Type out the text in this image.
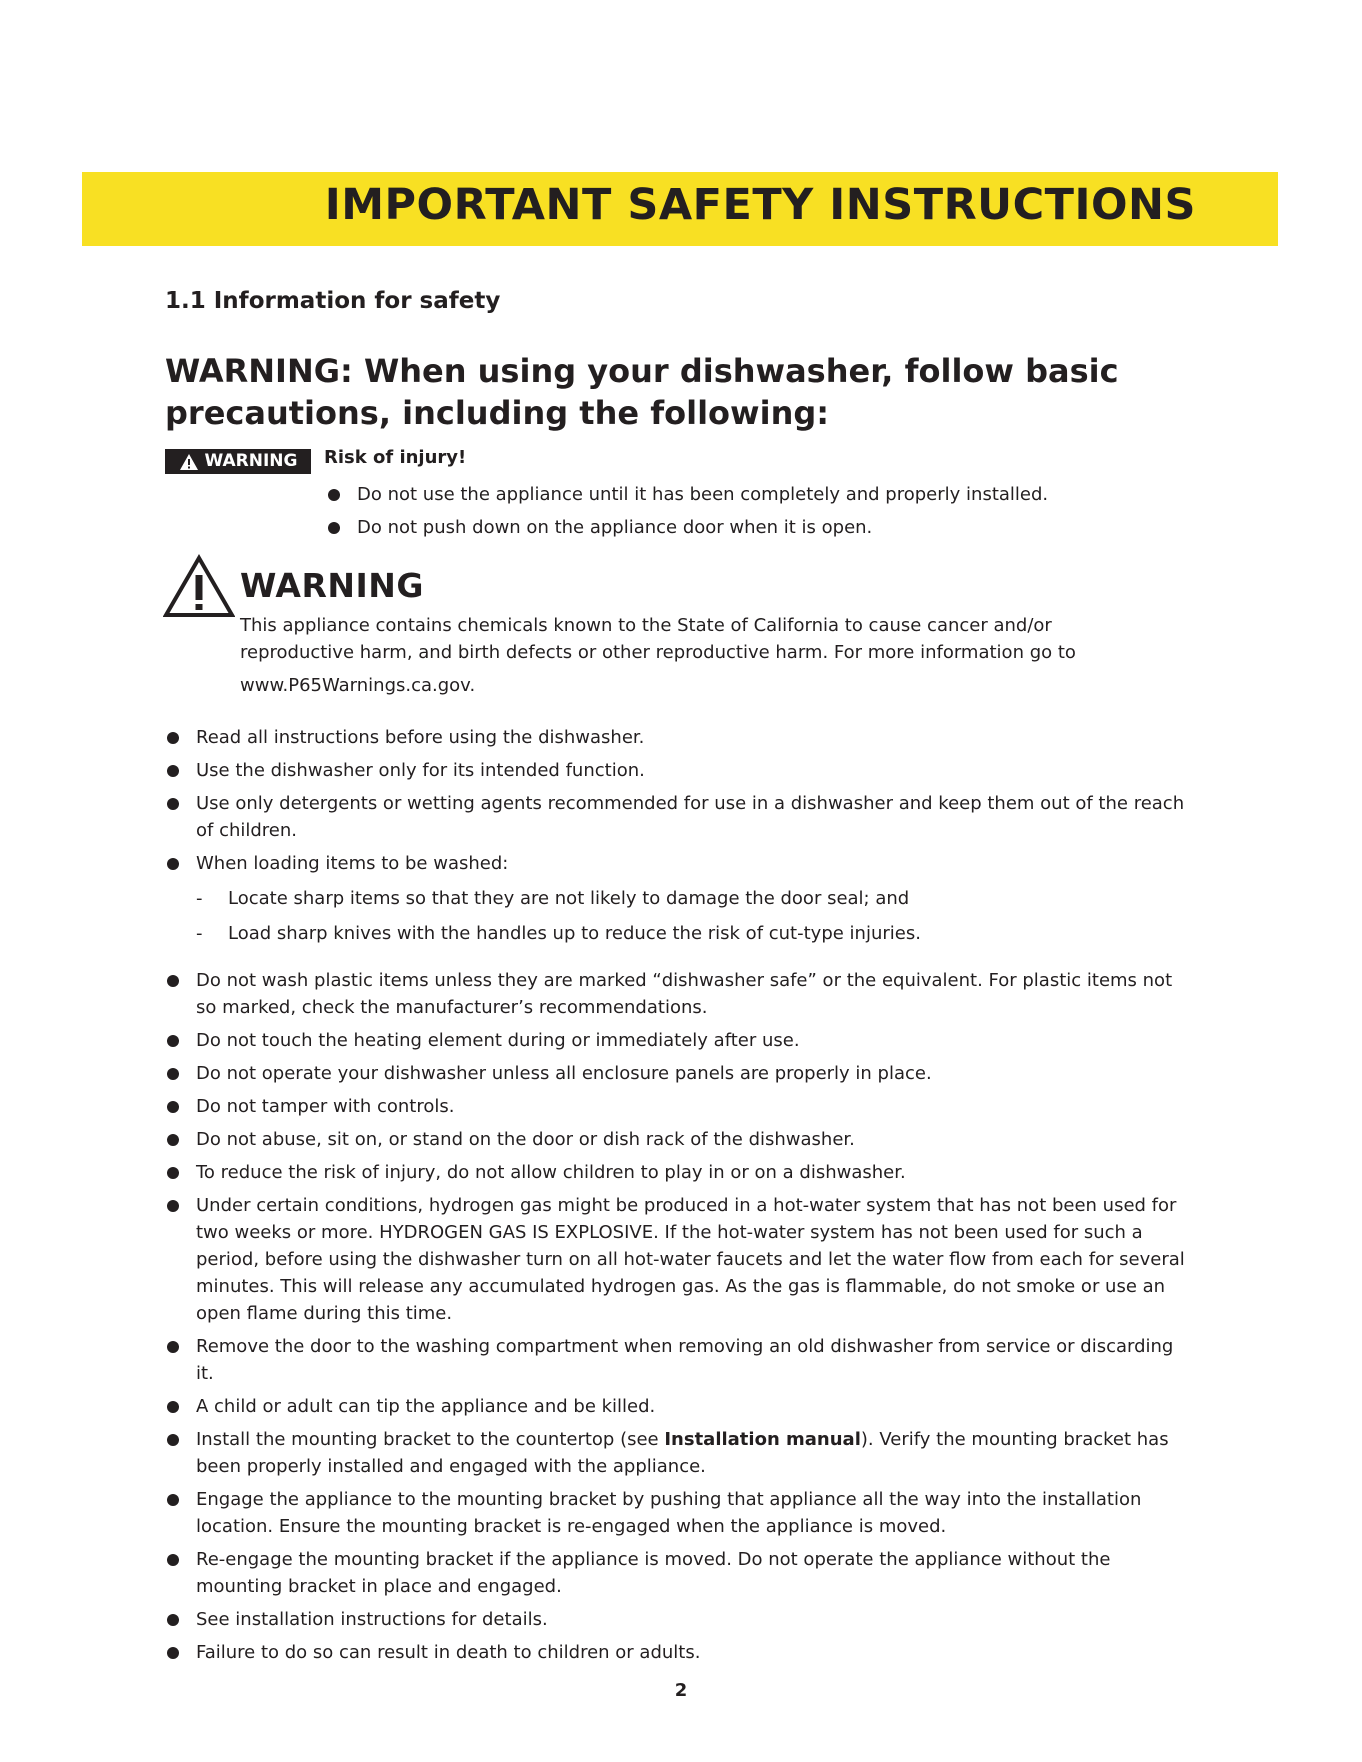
IMPORTANT SAFETY INSTRUCTIONS
1.1 Information for safety
WARNING: When using your dishwasher, follow basic precautions, including the following:
WARNING Risk of injury!

Do not use the appliance until it has been completely and properly installed.
Do not push down on the appliance door when it is open.
WARNING

This appliance contains chemicals known to the State of California to cause cancer and/or reproductive harm, and birth defects or other reproductive harm. For more information go to
www.P65Warnings.ca.gov.

Read all instructions before using the dishwasher.
Use the dishwasher only for its intended function.
Use only detergents or wetting agents recommended for use in a dishwasher and keep them out of the reach of children.
When loading items to be washed:
- Locate sharp items so that they are not likely to damage the door seal; and
- Load sharp knives with the handles up to reduce the risk of cut-type injuries.
Do not wash plastic items unless they are marked “dishwasher safe” or the equivalent. For plastic items not so marked, check the manufacturer’s recommendations.
Do not touch the heating element during or immediately after use.
Do not operate your dishwasher unless all enclosure panels are properly in place.
Do not tamper with controls.
Do not abuse, sit on, or stand on the door or dish rack of the dishwasher.
To reduce the risk of injury, do not allow children to play in or on a dishwasher.
Under certain conditions, hydrogen gas might be produced in a hot-water system that has not been used for two weeks or more. HYDROGEN GAS IS EXPLOSIVE. If the hot-water system has not been used for such a period, before using the dishwasher turn on all hot-water faucets and let the water flow from each for several minutes. This will release any accumulated hydrogen gas. As the gas is flammable, do not smoke or use an open flame during this time.
Remove the door to the washing compartment when removing an old dishwasher from service or discarding it.
A child or adult can tip the appliance and be killed.
Install the mounting bracket to the countertop (see Installation manual). Verify the mounting bracket has been properly installed and engaged with the appliance.
Engage the appliance to the mounting bracket by pushing that appliance all the way into the installation location. Ensure the mounting bracket is re-engaged when the appliance is moved.
Re-engage the mounting bracket if the appliance is moved. Do not operate the appliance without the mounting bracket in place and engaged.
See installation instructions for details.
Failure to do so can result in death to children or adults.

2
